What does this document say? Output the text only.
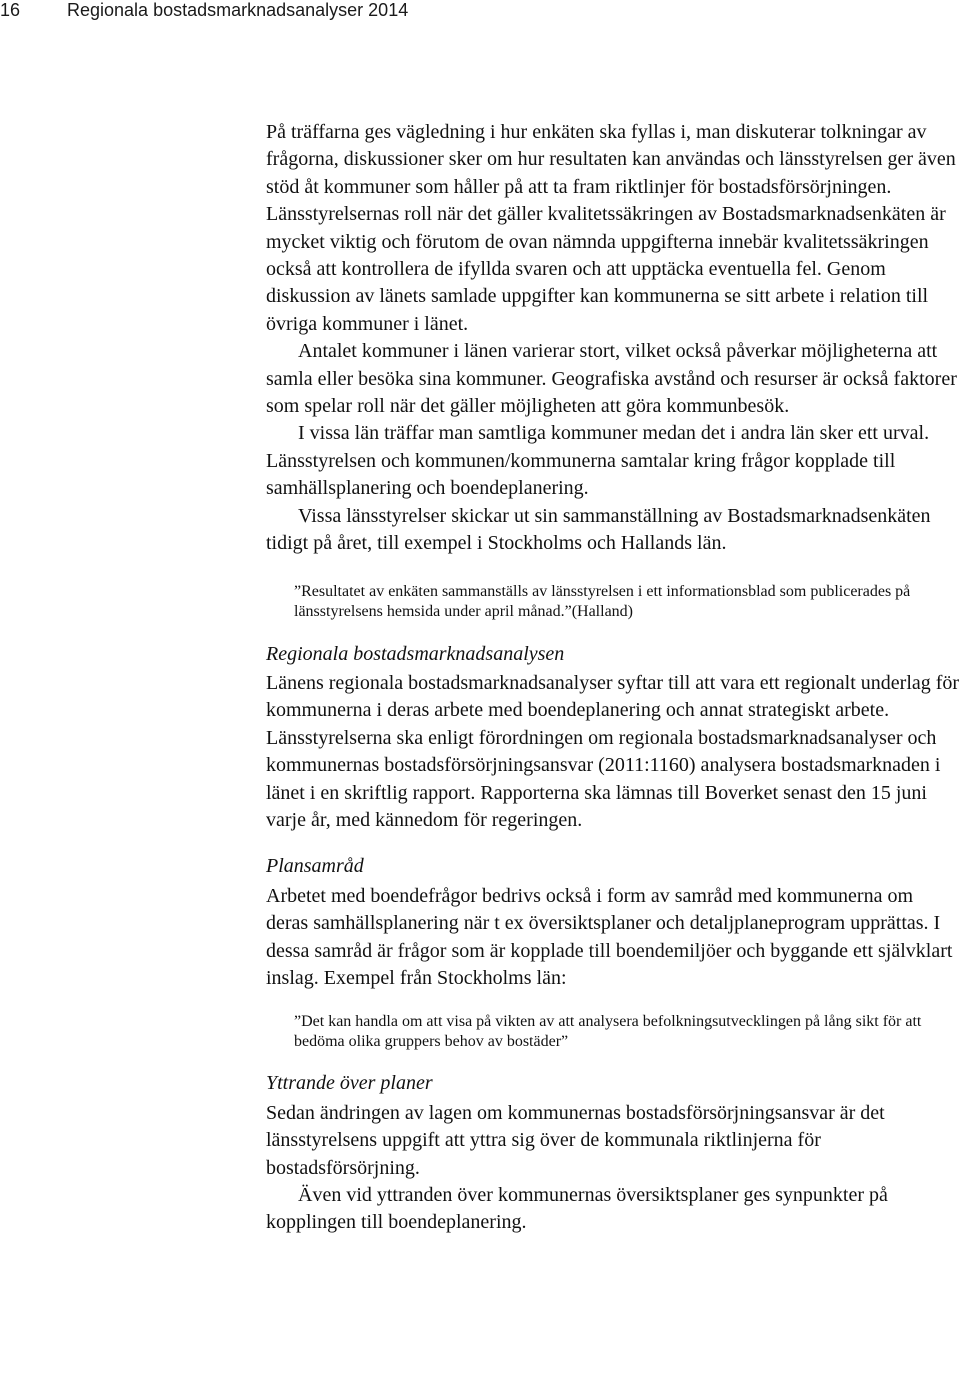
16	Regionala bostadsmarknadsanalyser 2014

På träffarna ges vägledning i hur enkäten ska fyllas i, man diskuterar tolkningar av frågorna, diskussioner sker om hur resultaten kan användas och länsstyrelsen ger även stöd åt kommuner som håller på att ta fram riktlinjer för bostadsförsörjningen. Länsstyrelsernas roll när det gäller kvalitetssäkringen av Bostadsmarknadsenkäten är mycket viktig och förutom de ovan nämnda uppgifterna innebär kvalitetssäkringen också att kontrollera de ifyllda svaren och att upptäcka eventuella fel. Genom diskussion av länets samlade uppgifter kan kommunerna se sitt arbete i relation till övriga kommuner i länet.

Antalet kommuner i länen varierar stort, vilket också påverkar möjligheterna att samla eller besöka sina kommuner. Geografiska avstånd och resurser är också faktorer som spelar roll när det gäller möjligheten att göra kommunbesök.

I vissa län träffar man samtliga kommuner medan det i andra län sker ett urval. Länsstyrelsen och kommunen/kommunerna samtalar kring frågor kopplade till samhällsplanering och boendeplanering.

Vissa länsstyrelser skickar ut sin sammanställning av Bostadsmarknadsenkäten tidigt på året, till exempel i Stockholms och Hallands län.

”Resultatet av enkäten sammanställs av länsstyrelsen i ett informationsblad som publicerades på länsstyrelsens hemsida under april månad.”(Halland)

Regionala bostadsmarknadsanalysen

Länens regionala bostadsmarknadsanalyser syftar till att vara ett regionalt underlag för kommunerna i deras arbete med boendeplanering och annat strategiskt arbete. Länsstyrelserna ska enligt förordningen om regionala bostadsmarknadsanalyser och kommunernas bostadsförsörjningsansvar (2011:1160) analysera bostadsmarknaden i länet i en skriftlig rapport. Rapporterna ska lämnas till Boverket senast den 15 juni varje år, med kännedom för regeringen.

Plansamråd

Arbetet med boendefrågor bedrivs också i form av samråd med kommunerna om deras samhällsplanering när t ex översiktsplaner och detaljplaneprogram upprättas. I dessa samråd är frågor som är kopplade till boendemiljöer och byggande ett självklart inslag. Exempel från Stockholms län:

”Det kan handla om att visa på vikten av att analysera befolkningsutvecklingen på lång sikt för att bedöma olika gruppers behov av bostäder”

Yttrande över planer

Sedan ändringen av lagen om kommunernas bostadsförsörjningsansvar är det länsstyrelsens uppgift att yttra sig över de kommunala riktlinjerna för bostadsförsörjning.

Även vid yttranden över kommunernas översiktsplaner ges synpunkter på kopplingen till boendeplanering.
